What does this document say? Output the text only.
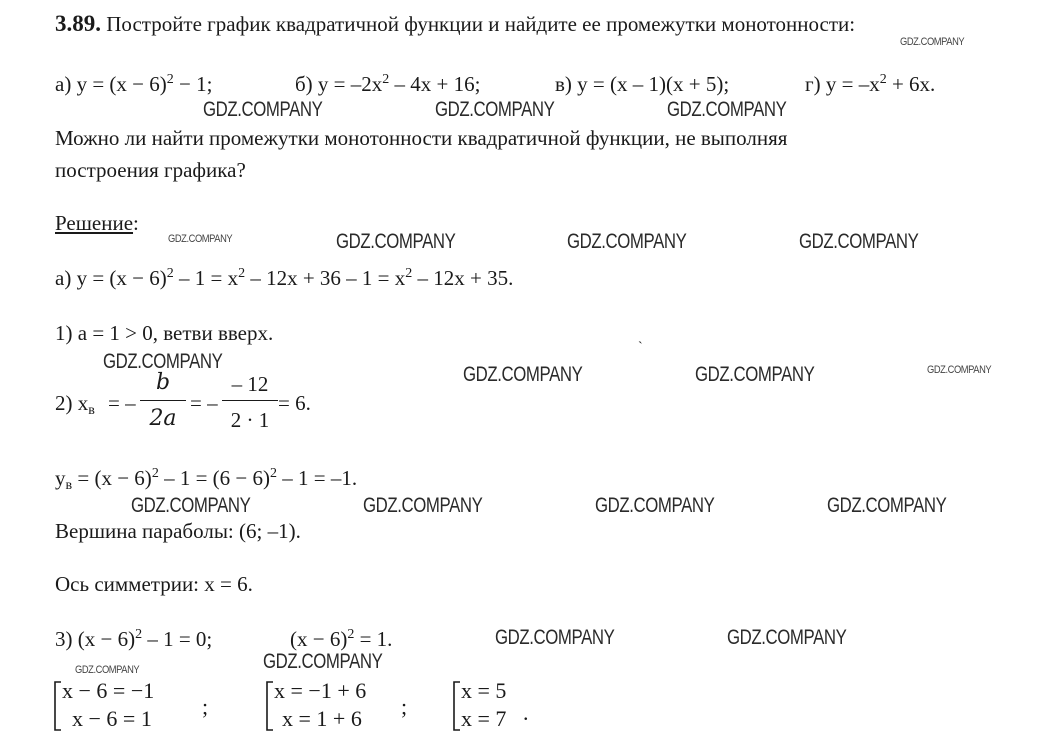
3.89. Постройте график квадратичной функции и найдите ее промежутки монотонности:
а) $у = (х - 6)^2 - 1$;	б) $у = -2х^2 - 4х + 16$;	в) у = (х – 1)(х + 5);	г) $у = -х^2 + 6х$.
Можно ли найти промежутки монотонности квадратичной функции, не выполняя
построения графика?
Решение:
а) $у = (х - 6)^2 - 1 = х^2 - 12х + 36 - 1 = х^2 - 12х + 35$.
1) а = 1 > 0, ветви вверх.
2) $х_в$ = –
b
2a
= –
– 12
2 · 1
= 6.
$у_в = (х - 6)^2 - 1 = (6 - 6)^2 - 1 = -1$.
Вершина параболы: (6; –1).
Ось симметрии: х = 6.
3) $(х - 6)^2 - 1 = 0$;	$(х - 6)^2 = 1$.
х − 6 = −1
х − 6 = 1 ;
х = −1 + 6
х = 1 + 6 ;
х = 5
х = 7 .
ˋ
GDZ.COMPANY
GDZ.COMPANY	GDZ.COMPANY	GDZ.COMPANY
GDZ.COMPANY	GDZ.COMPANY	GDZ.COMPANY	GDZ.COMPANY
GDZ.COMPANY
GDZ.COMPANY	GDZ.COMPANY	GDZ.COMPANY
GDZ.COMPANY	GDZ.COMPANY	GDZ.COMPANY	GDZ.COMPANY
GDZ.COMPANY	GDZ.COMPANY
GDZ.COMPANY	GDZ.COMPANY
